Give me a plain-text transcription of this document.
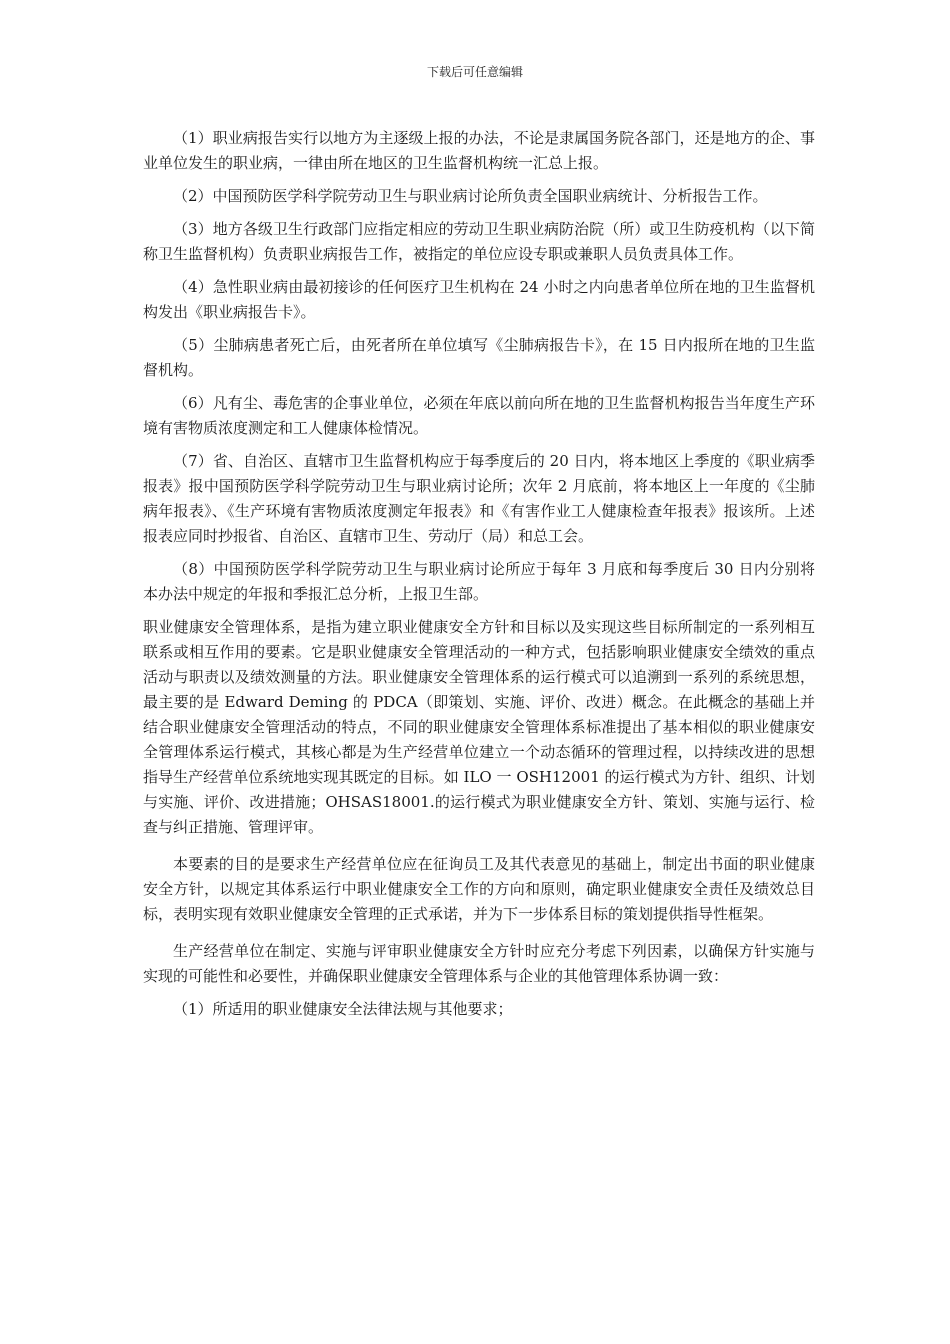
下载后可任意编辑

（1）职业病报告实行以地方为主逐级上报的办法，不论是隶属国务院各部门，还是地方的企、事业单位发生的职业病，一律由所在地区的卫生监督机构统一汇总上报。

（2）中国预防医学科学院劳动卫生与职业病讨论所负责全国职业病统计、分析报告工作。

（3）地方各级卫生行政部门应指定相应的劳动卫生职业病防治院（所）或卫生防疫机构（以下简称卫生监督机构）负责职业病报告工作，被指定的单位应设专职或兼职人员负责具体工作。

（4）急性职业病由最初接诊的任何医疗卫生机构在 24 小时之内向患者单位所在地的卫生监督机构发出《职业病报告卡》。

（5）尘肺病患者死亡后，由死者所在单位填写《尘肺病报告卡》，在 15 日内报所在地的卫生监督机构。

（6）凡有尘、毒危害的企事业单位，必须在年底以前向所在地的卫生监督机构报告当年度生产环境有害物质浓度测定和工人健康体检情况。

（7）省、自治区、直辖市卫生监督机构应于每季度后的 20 日内，将本地区上季度的《职业病季报表》报中国预防医学科学院劳动卫生与职业病讨论所；次年 2 月底前，将本地区上一年度的《尘肺病年报表》、《生产环境有害物质浓度测定年报表》和《有害作业工人健康检查年报表》报该所。上述报表应同时抄报省、自治区、直辖市卫生、劳动厅（局）和总工会。

（8）中国预防医学科学院劳动卫生与职业病讨论所应于每年 3 月底和每季度后 30 日内分别将本办法中规定的年报和季报汇总分析，上报卫生部。

职业健康安全管理体系，是指为建立职业健康安全方针和目标以及实现这些目标所制定的一系列相互联系或相互作用的要素。它是职业健康安全管理活动的一种方式，包括影响职业健康安全绩效的重点活动与职责以及绩效测量的方法。职业健康安全管理体系的运行模式可以追溯到一系列的系统思想，最主要的是 Edward Deming 的 PDCA（即策划、实施、评价、改进）概念。在此概念的基础上并结合职业健康安全管理活动的特点，不同的职业健康安全管理体系标准提出了基本相似的职业健康安全管理体系运行模式，其核心都是为生产经营单位建立一个动态循环的管理过程，以持续改进的思想指导生产经营单位系统地实现其既定的目标。如 ILO 一 OSH12001 的运行模式为方针、组织、计划与实施、评价、改进措施；OHSAS18001.的运行模式为职业健康安全方针、策划、实施与运行、检查与纠正措施、管理评审。

本要素的目的是要求生产经营单位应在征询员工及其代表意见的基础上，制定出书面的职业健康安全方针，以规定其体系运行中职业健康安全工作的方向和原则，确定职业健康安全责任及绩效总目标，表明实现有效职业健康安全管理的正式承诺，并为下一步体系目标的策划提供指导性框架。

生产经营单位在制定、实施与评审职业健康安全方针时应充分考虑下列因素，以确保方针实施与实现的可能性和必要性，并确保职业健康安全管理体系与企业的其他管理体系协调一致：

（1）所适用的职业健康安全法律法规与其他要求；
